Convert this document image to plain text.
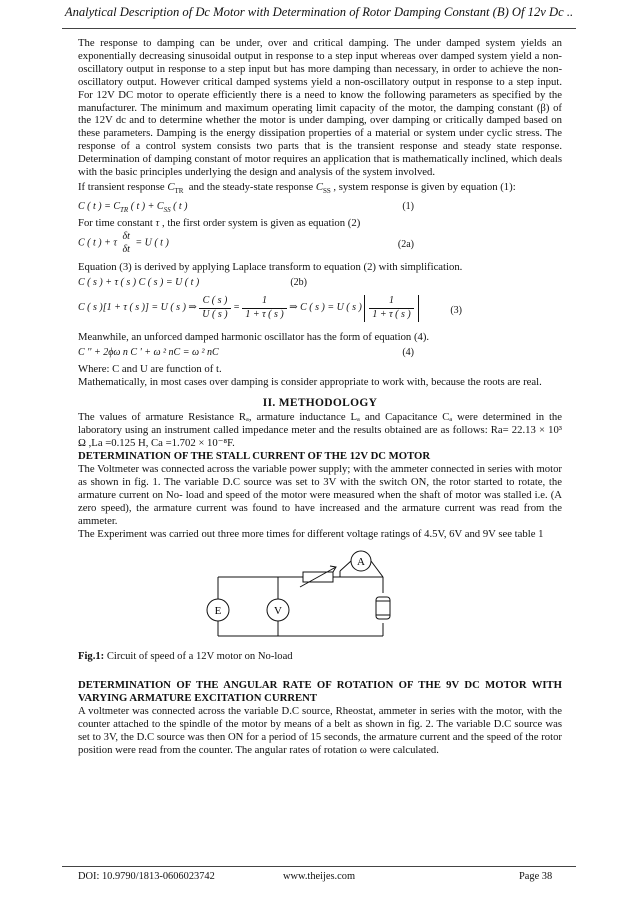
Analytical Description of Dc Motor with Determination of Rotor Damping Constant (Β) Of 12v Dc ..

The response to damping can be under, over and critical damping. The under damped system yields an exponentially decreasing sinusoidal output in response to a step input whereas over damped system yield a non-oscillatory output in response to a step input but has more damping than necessary, in order to achieve the non-oscillatory output. However critical damped systems yield a non-oscillatory output in response to a step input. For 12V DC motor to operate efficiently there is a need to know the following parameters as specified by the manufacturer. The minimum and maximum operating limit capacity of the motor, the damping constant (β) of the 12V dc and to determine whether the motor is under damping, over damping or critically damped based on these parameters. Damping is the energy dissipation properties of a material or system under cyclic stress. The response of a control system consists two parts that is the transient response and steady state response. Determination of damping constant of motor requires an application that is mathematically inclined, which deals with the basic principles underlying the design and analysis of the system involved.

If transient response $C_{TR}$ and the steady-state response $C_{SS}$ , system response is given by equation (1):

C ( t ) = $C_{TR}$ ( t ) + $C_{SS}$ ( t )	(1)

For time constant τ , the first order system is given as equation (2)

C ( t ) + τ
δt
δt
= U ( t )	(2a)

Equation (3) is derived by applying Laplace transform to equation (2) with simplification.

C ( s ) + τ ( s ) C ( s ) = U ( t )	(2b)
C ( s )[1 + τ ( s )] = U ( s ) ⇒ $\frac{C ( s )}{U ( s )} = \frac{1}{1 + \tau ( s )}$ ⇒ C ( s ) = U ( s ) $\frac{1}{1 + \tau ( s )}$	(3)

Meanwhile, an unforced damped harmonic oscillator has the form of equation (4).

C '' + 2ϕω n C ' + ω ² nC = ω ² nC	(4)

Where: C and U are function of t.

Mathematically, in most cases over damping is consider appropriate to work with, because the roots are real.

II. METHODOLOGY

The values of armature Resistance Rₐ, armature inductance Lₐ and Capacitance Cₐ were determined in the laboratory using an instrument called impedance meter and the results obtained are as follows: Ra= 22.13 × 10³ Ω ,La =0.125 H, Ca =1.702 × 10⁻⁸F.

DETERMINATION OF THE STALL CURRENT OF THE 12V DC MOTOR

The Voltmeter was connected across the variable power supply; with the ammeter connected in series with motor as shown in fig. 1. The variable D.C source was set to 3V with the switch ON, the rotor started to rotate, the armature current on No- load and speed of the motor were measured when the shaft of motor was stalled i.e. (A zero speed), the armature current was found to have increased and the armature current was read from the ammeter.

The Experiment was carried out three more times for different voltage ratings of 4.5V, 6V and 9V see table 1

E	V
A

Fig.1: Circuit of speed of a 12V motor on No-load

DETERMINATION OF THE ANGULAR RATE OF ROTATION OF THE 9V DC MOTOR WITH VARYING ARMATURE EXCITATION CURRENT

A voltmeter was connected across the variable D.C source, Rheostat, ammeter in series with the motor, with the counter attached to the spindle of the motor by means of a belt as shown in fig. 2. The variable D.C source was set to 3V, the D.C source was then ON for a period of 15 seconds, the armature current and the speed of the rotor position were read from the counter. The angular rates of rotation ω were calculated.

DOI: 10.9790/1813-0606023742	www.theijes.com	Page 38
